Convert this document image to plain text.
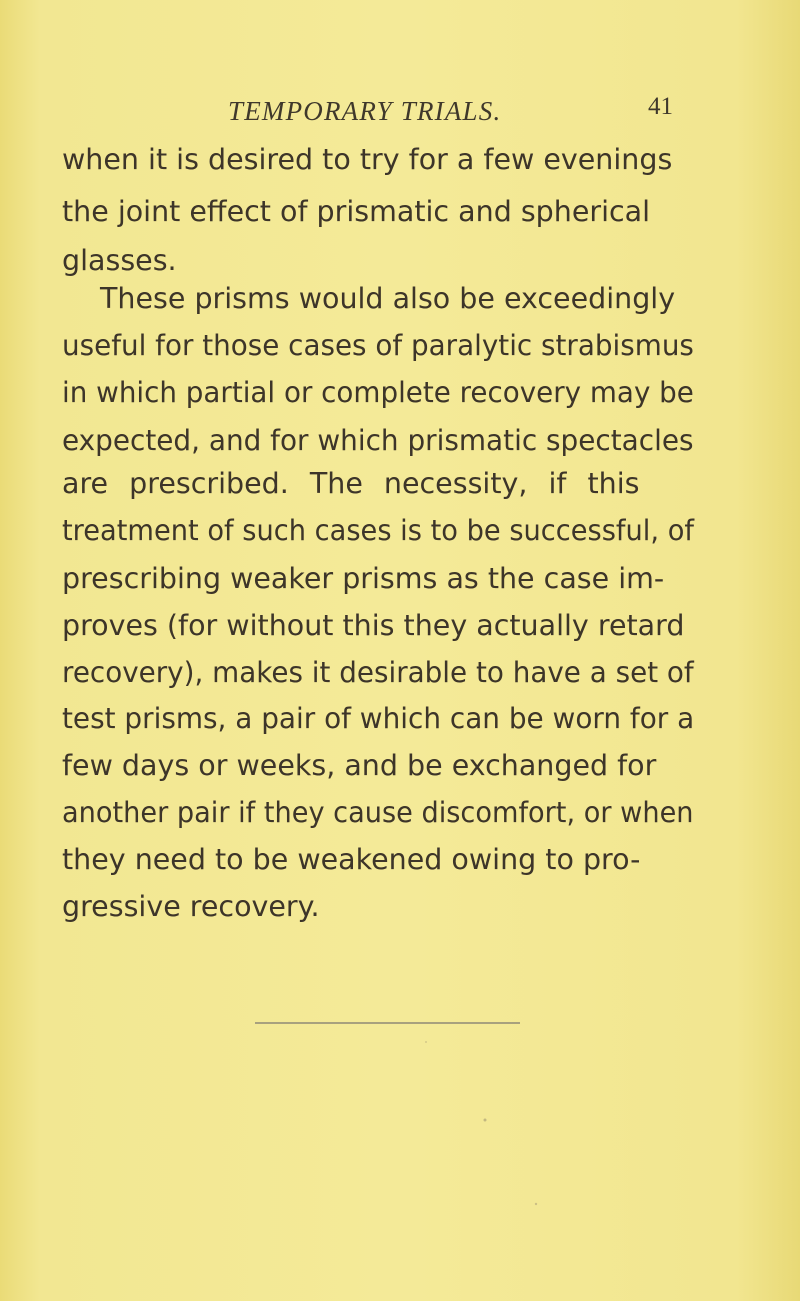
TEMPORARY TRIALS.	41
when it is desired to try for a few evenings
the joint effect of prismatic and spherical
glasses.
These prisms would also be exceedingly
useful for those cases of paralytic strabismus
in which partial or complete recovery may be
expected, and for which prismatic spectacles
are prescribed. The necessity, if this
treatment of such cases is to be successful, of
prescribing weaker prisms as the case im-
proves (for without this they actually retard
recovery), makes it desirable to have a set of
test prisms, a pair of which can be worn for a
few days or weeks, and be exchanged for
another pair if they cause discomfort, or when
they need to be weakened owing to pro-
gressive recovery.
